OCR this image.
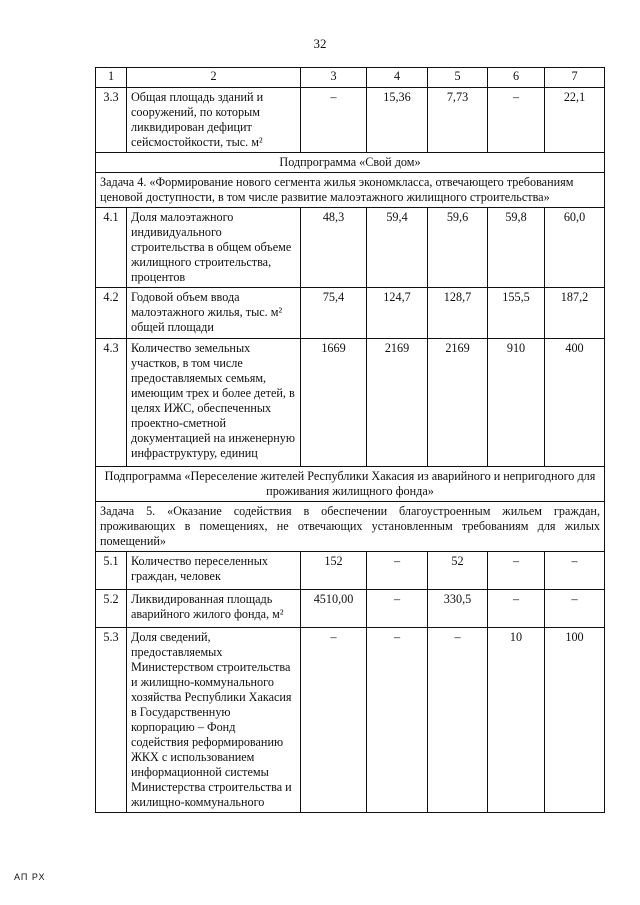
32
1	2	3	4	5	6	7
3.3	Общая площадь зданий и сооружений, по которым ликвидирован дефицит сейсмостойкости, тыс. м²	–	15,36	7,73	–	22,1
Подпрограмма «Свой дом»						
Задача 4. «Формирование нового сегмента жилья экономкласса, отвечающего требованиям ценовой доступности, в том числе развитие малоэтажного жилищного строительства»						
4.1	Доля малоэтажного индивидуального строительства в общем объеме жилищного строительства, процентов	48,3	59,4	59,6	59,8	60,0
4.2	Годовой объем ввода малоэтажного жилья, тыс. м² общей площади	75,4	124,7	128,7	155,5	187,2
4.3	Количество земельных участков, в том числе предоставляемых семьям, имеющим трех и более детей, в целях ИЖС, обеспеченных проектно-сметной документацией на инженерную инфраструктуру, единиц	1669	2169	2169	910	400
Подпрограмма «Переселение жителей Республики Хакасия из аварийного и непригодного для проживания жилищного фонда»						
Задача 5. «Оказание содействия в обеспечении благоустроенным жильем граждан, проживающих в помещениях, не отвечающих установленным требованиям для жилых помещений»						
5.1	Количество переселенных граждан, человек	152	–	52	–	–
5.2	Ликвидированная площадь аварийного жилого фонда, м²	4510,00	–	330,5	–	–
5.3	Доля сведений, предоставляемых Министерством строительства и жилищно-коммунального хозяйства Республики Хакасия в Государственную корпорацию – Фонд содействия реформированию ЖКХ с использованием информационной системы Министерства строительства и жилищно-коммунального	–	–	–	10	100
АП РХ
